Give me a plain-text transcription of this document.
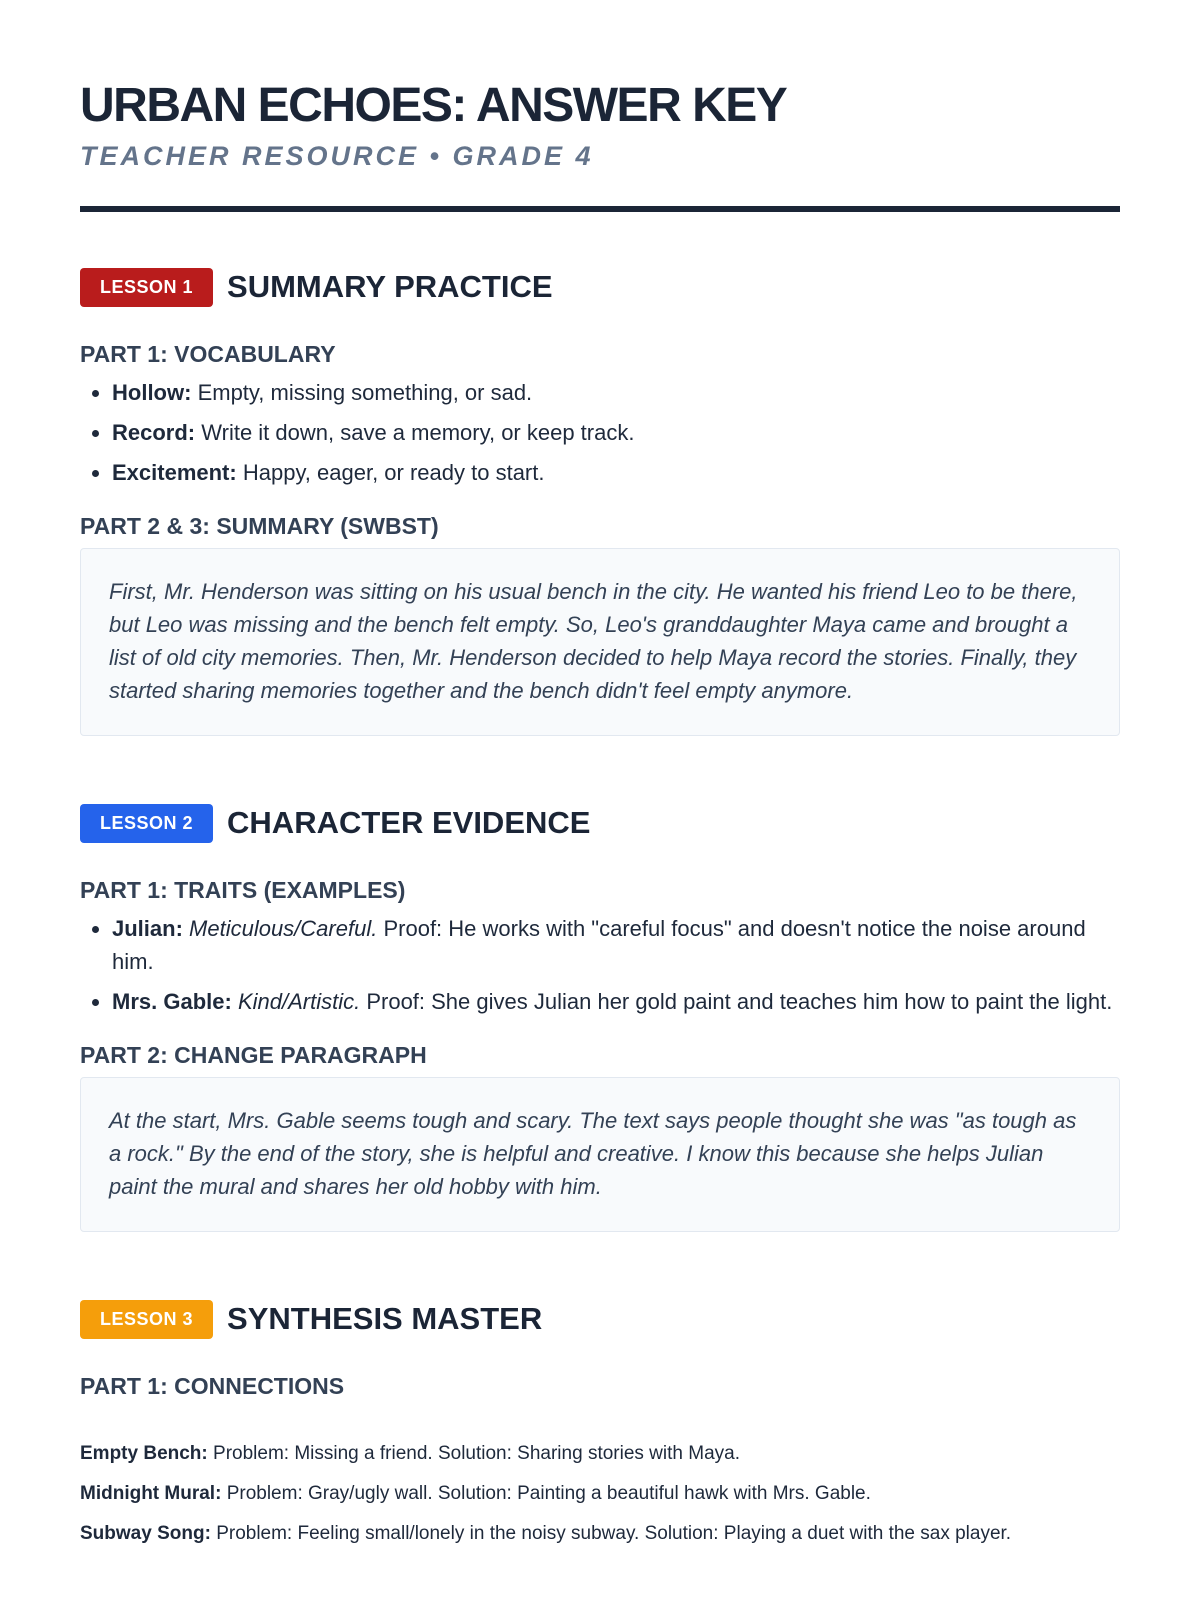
URBAN ECHOES: ANSWER KEY
TEACHER RESOURCE • GRADE 4
LESSON 1	SUMMARY PRACTICE
PART 1: VOCABULARY
• Hollow: Empty, missing something, or sad.
• Record: Write it down, save a memory, or keep track.
• Excitement: Happy, eager, or ready to start.
PART 2 & 3: SUMMARY (SWBST)
First, Mr. Henderson was sitting on his usual bench in the city. He wanted his friend Leo to be there, but Leo was missing and the bench felt empty. So, Leo's granddaughter Maya came and brought a list of old city memories. Then, Mr. Henderson decided to help Maya record the stories. Finally, they started sharing memories together and the bench didn't feel empty anymore.
LESSON 2	CHARACTER EVIDENCE
PART 1: TRAITS (EXAMPLES)
• Julian: Meticulous/Careful. Proof: He works with "careful focus" and doesn't notice the noise around him.
• Mrs. Gable: Kind/Artistic. Proof: She gives Julian her gold paint and teaches him how to paint the light.
PART 2: CHANGE PARAGRAPH
At the start, Mrs. Gable seems tough and scary. The text says people thought she was "as tough as a rock." By the end of the story, she is helpful and creative. I know this because she helps Julian paint the mural and shares her old hobby with him.
LESSON 3	SYNTHESIS MASTER
PART 1: CONNECTIONS
Empty Bench: Problem: Missing a friend. Solution: Sharing stories with Maya.
Midnight Mural: Problem: Gray/ugly wall. Solution: Painting a beautiful hawk with Mrs. Gable.
Subway Song: Problem: Feeling small/lonely in the noisy subway. Solution: Playing a duet with the sax player.
